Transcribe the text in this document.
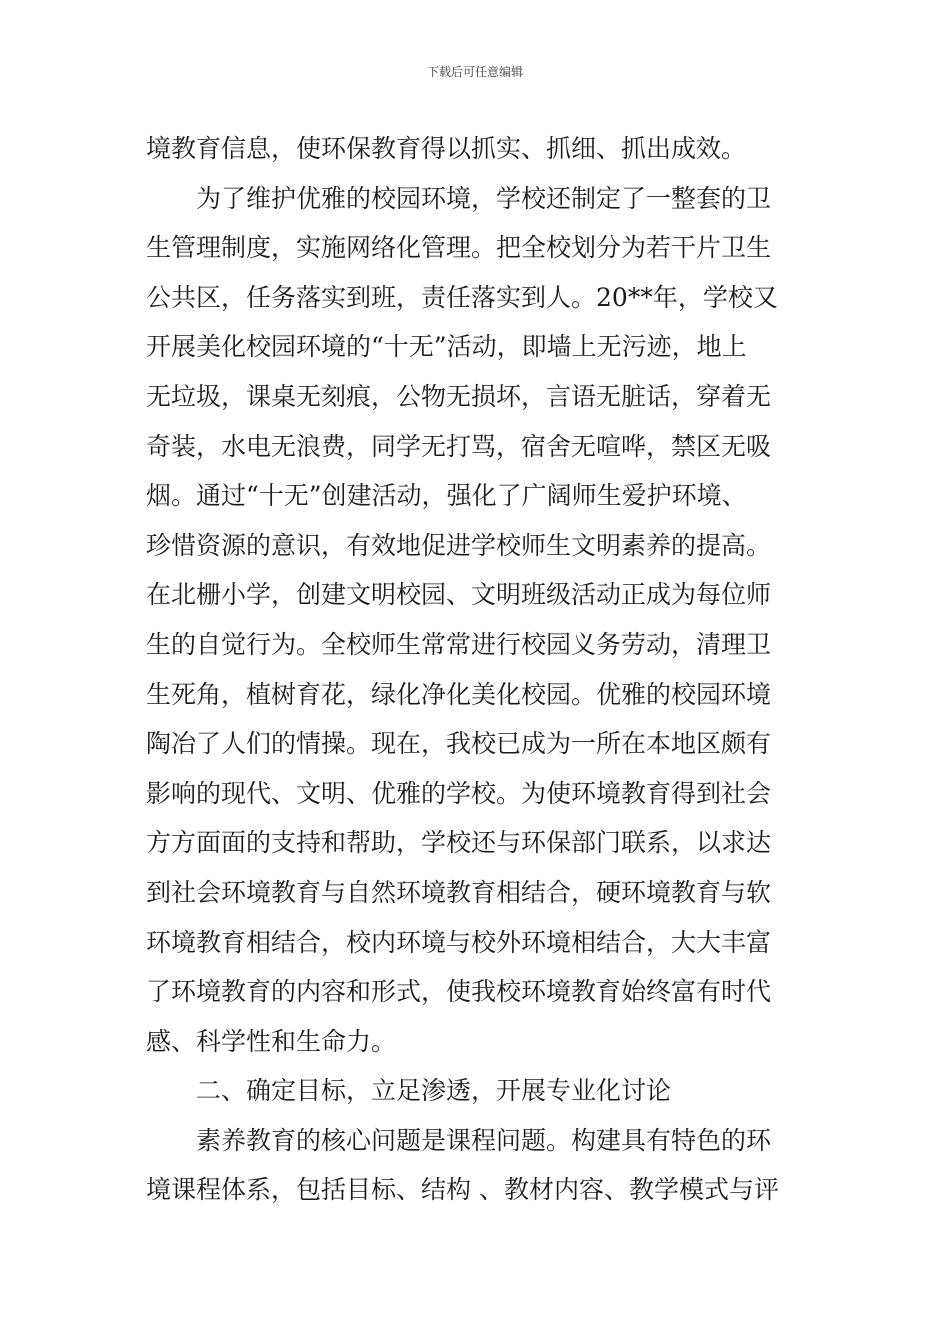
下载后可任意编辑
境教育信息，使环保教育得以抓实、抓细、抓出成效。
为了维护优雅的校园环境，学校还制定了一整套的卫
生管理制度，实施网络化管理。把全校划分为若干片卫生
公共区，任务落实到班，责任落实到人。20**年，学校又
开展美化校园环境的“十无”活动，即墙上无污迹，地上
无垃圾，课桌无刻痕，公物无损坏，言语无脏话，穿着无
奇装，水电无浪费，同学无打骂，宿舍无喧哗，禁区无吸
烟。通过“十无”创建活动，强化了广阔师生爱护环境、
珍惜资源的意识，有效地促进学校师生文明素养的提高。
在北栅小学，创建文明校园、文明班级活动正成为每位师
生的自觉行为。全校师生常常进行校园义务劳动，清理卫
生死角，植树育花，绿化净化美化校园。优雅的校园环境
陶冶了人们的情操。现在，我校已成为一所在本地区颇有
影响的现代、文明、优雅的学校。为使环境教育得到社会
方方面面的支持和帮助，学校还与环保部门联系，以求达
到社会环境教育与自然环境教育相结合，硬环境教育与软
环境教育相结合，校内环境与校外环境相结合，大大丰富
了环境教育的内容和形式，使我校环境教育始终富有时代
感、科学性和生命力。
二、确定目标，立足渗透，开展专业化讨论
素养教育的核心问题是课程问题。构建具有特色的环
境课程体系，包括目标、结构 、教材内容、教学模式与评
